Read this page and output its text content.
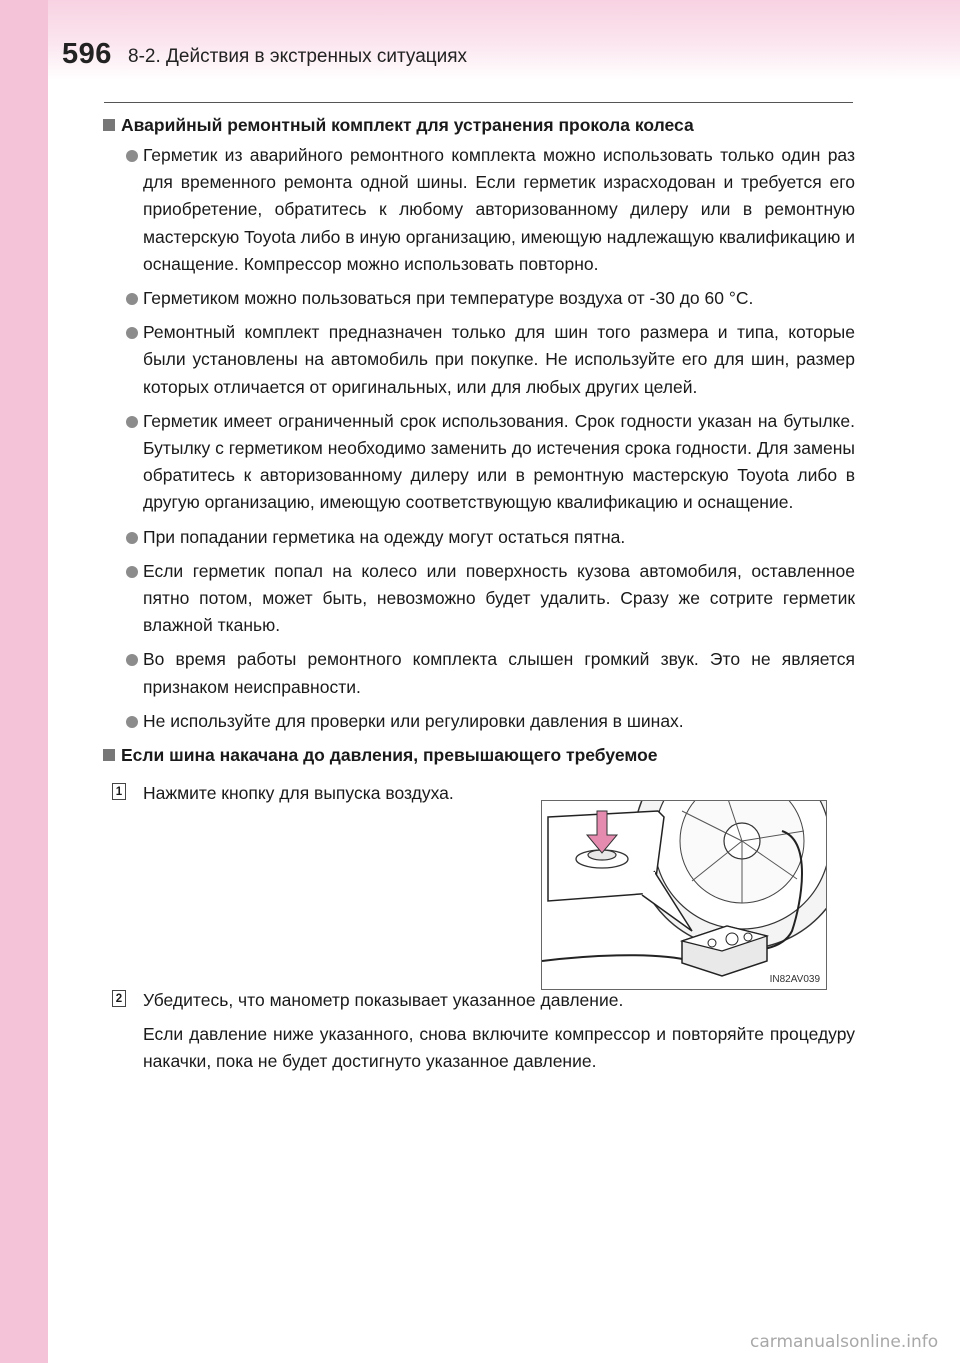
596 8-2. Действия в экстренных ситуациях
Аварийный ремонтный комплект для устранения прокола колеса

Герметик из аварийного ремонтного комплекта можно использовать только один раз для временного ремонта одной шины. Если герметик израсходован и требуется его приобретение, обратитесь к любому авторизованному дилеру или в ремонтную мастерскую Toyota либо в иную организацию, имеющую надлежащую квалификацию и оснащение. Компрессор можно использовать повторно.

Герметиком можно пользоваться при температуре воздуха от -30 до 60 °C.

Ремонтный комплект предназначен только для шин того размера и типа, которые были установлены на автомобиль при покупке. Не используйте его для шин, размер которых отличается от оригинальных, или для любых других целей.

Герметик имеет ограниченный срок использования. Срок годности указан на бутылке. Бутылку с герметиком необходимо заменить до истечения срока годности. Для замены обратитесь к авторизованному дилеру или в ремонтную мастерскую Toyota либо в другую организацию, имеющую соответствующую квалификацию и оснащение.

При попадании герметика на одежду могут остаться пятна.

Если герметик попал на колесо или поверхность кузова автомобиля, оставленное пятно потом, может быть, невозможно будет удалить. Сразу же сотрите герметик влажной тканью.

Во время работы ремонтного комплекта слышен громкий звук. Это не является признаком неисправности.

Не используйте для проверки или регулировки давления в шинах.

Если шина накачана до давления, превышающего требуемое
1 Нажмите кнопку для выпуска воздуха.
2 Убедитесь, что манометр показывает указанное давление.
Если давление ниже указанного, снова включите компрессор и повторяйте процедуру накачки, пока не будет достигнуто указанное давление.
IN82AV039
carmanualsonline.info
